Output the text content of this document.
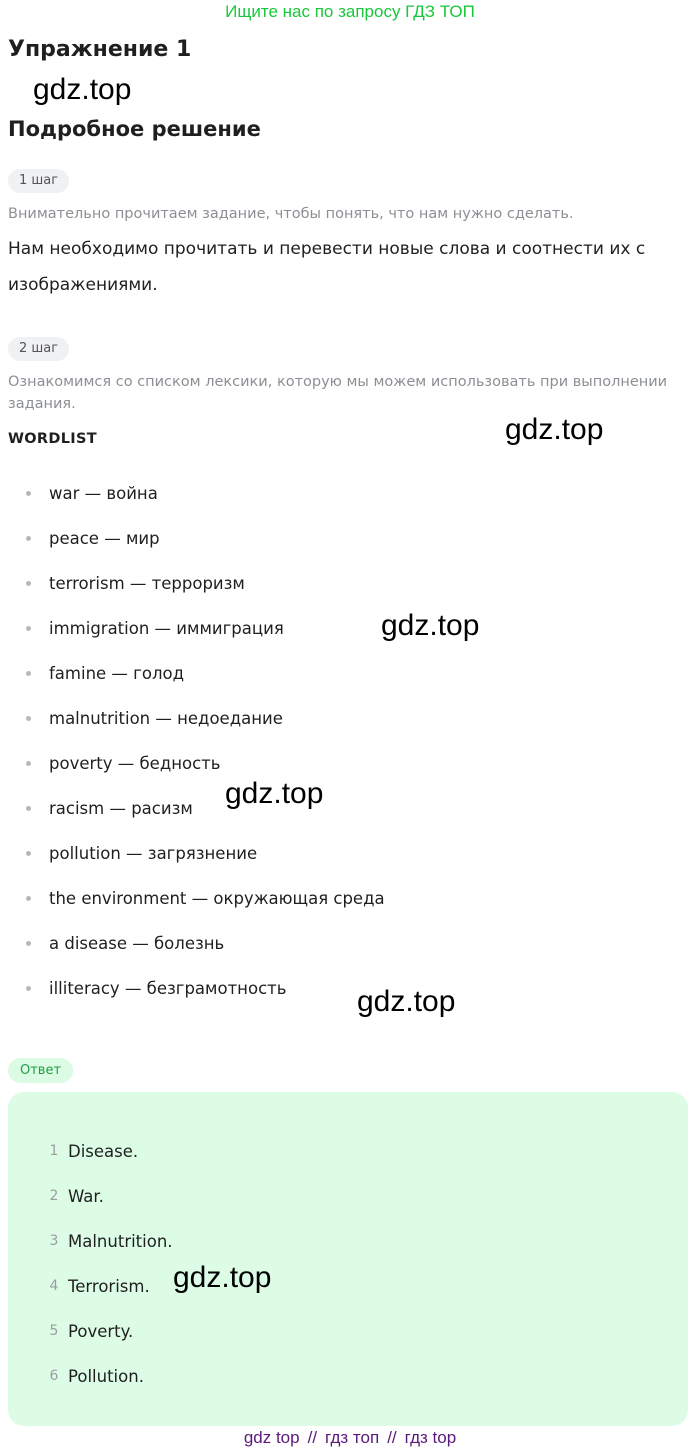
Ищите нас по запросу ГДЗ ТОП
Упражнение 1
gdz.top
Подробное решение
1 шаг
Внимательно прочитаем задание, чтобы понять, что нам нужно сделать.
Нам необходимо прочитать и перевести новые слова и соотнести их с изображениями.
2 шаг
Ознакомимся со списком лексики, которую мы можем использовать при выполнении задания.
WORDLIST	gdz.top
war — война
peace — мир
terrorism — терроризм
immigration — иммиграция
famine — голод
malnutrition — недоедание
poverty — бедность
racism — расизм
pollution — загрязнение
the environment — окружающая среда
a disease — болезнь
illiteracy — безграмотность
gdz.top
gdz.top
gdz.top
Ответ
1 Disease.
2 War.
3 Malnutrition.
4 Terrorism.
5 Poverty.
6 Pollution.
gdz.top
gdz top // гдз топ // гдз top
